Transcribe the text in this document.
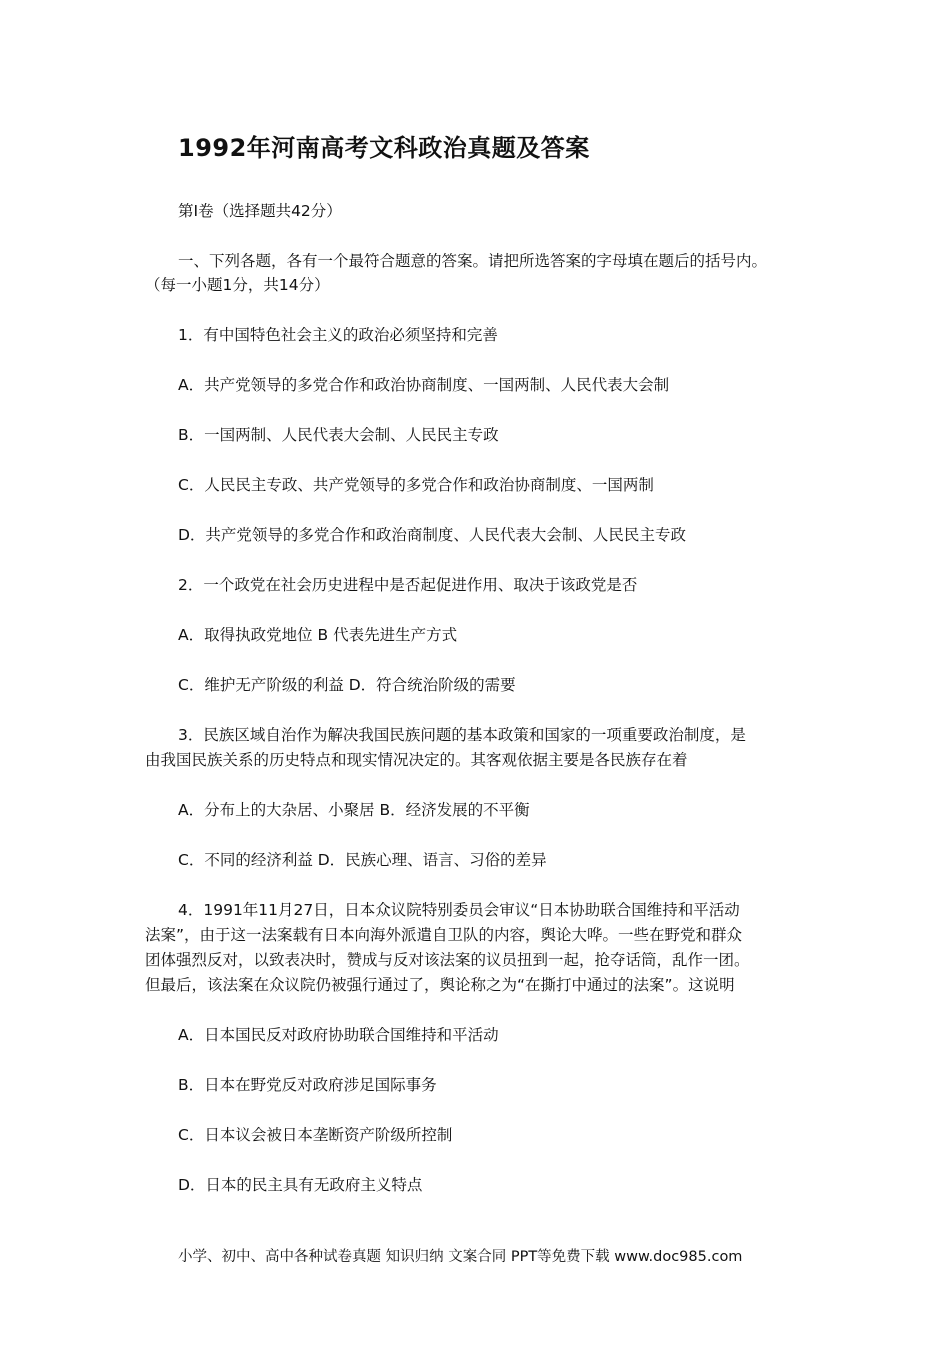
1992年河南高考文科政治真题及答案

第Ⅰ卷（选择题共42分）

一、下列各题，各有一个最符合题意的答案。请把所选答案的字母填在题后的括号内。

（每一小题1分，共14分）

1．有中国特色社会主义的政治必须坚持和完善

A．共产党领导的多党合作和政治协商制度、一国两制、人民代表大会制

B．一国两制、人民代表大会制、人民民主专政

C．人民民主专政、共产党领导的多党合作和政治协商制度、一国两制

D．共产党领导的多党合作和政治商制度、人民代表大会制、人民民主专政

2．一个政党在社会历史进程中是否起促进作用、取决于该政党是否

A．取得执政党地位 B 代表先进生产方式

C．维护无产阶级的利益 D．符合统治阶级的需要

3．民族区域自治作为解决我国民族问题的基本政策和国家的一项重要政治制度，是

由我国民族关系的历史特点和现实情况决定的。其客观依据主要是各民族存在着

A．分布上的大杂居、小聚居 B．经济发展的不平衡

C．不同的经济利益 D．民族心理、语言、习俗的差异

4．1991年11月27日，日本众议院特别委员会审议“日本协助联合国维持和平活动

法案”，由于这一法案载有日本向海外派遣自卫队的内容，舆论大哗。一些在野党和群众

团体强烈反对，以致表决时，赞成与反对该法案的议员扭到一起，抢夺话筒，乱作一团。

但最后，该法案在众议院仍被强行通过了，舆论称之为“在撕打中通过的法案”。这说明

A．日本国民反对政府协助联合国维持和平活动

B．日本在野党反对政府涉足国际事务

C．日本议会被日本垄断资产阶级所控制

D．日本的民主具有无政府主义特点

小学、初中、高中各种试卷真题 知识归纳 文案合同 PPT等免费下载 www.doc985.com
